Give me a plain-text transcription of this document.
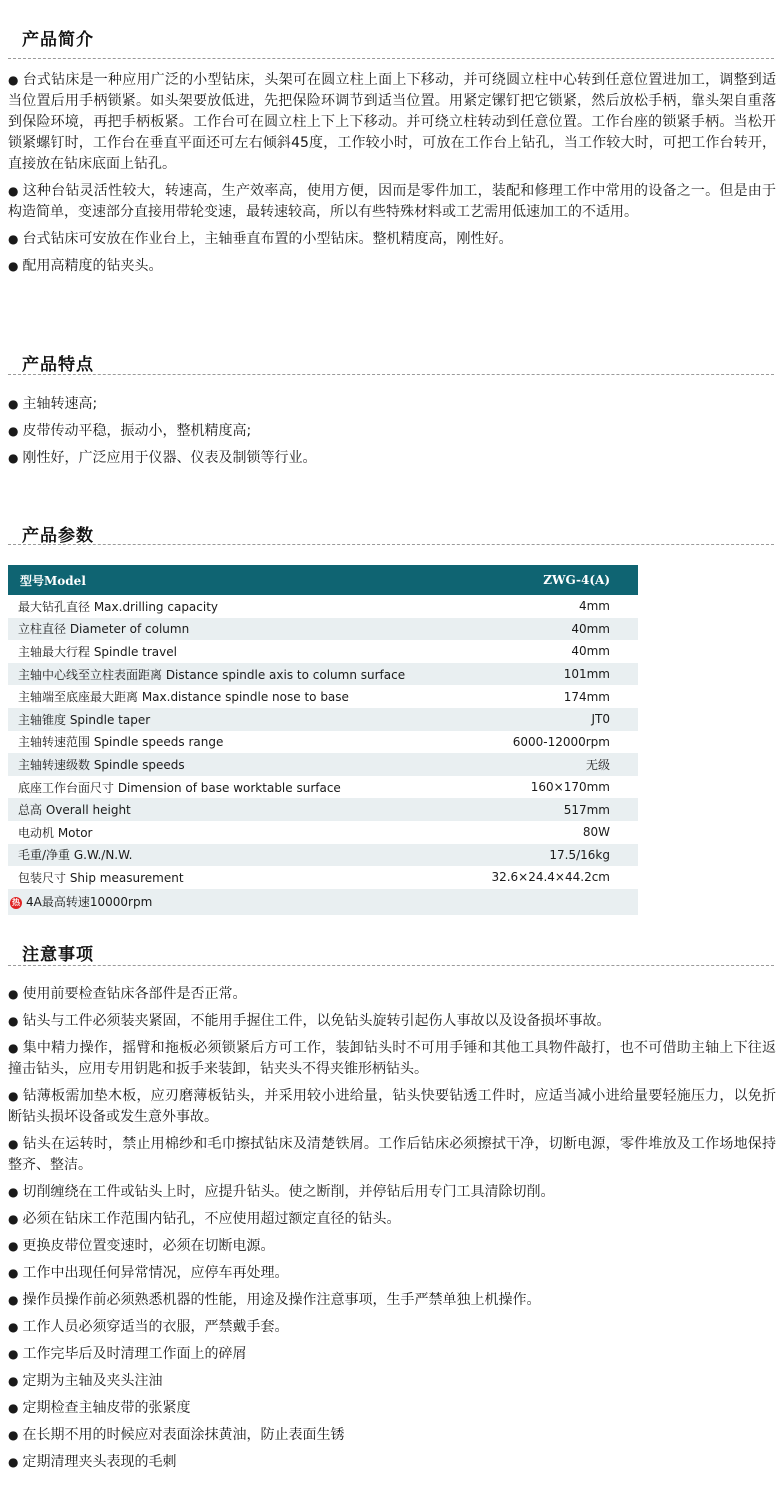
产品简介
● 台式钻床是一种应用广泛的小型钻床，头架可在圆立柱上面上下移动，并可绕圆立柱中心转到任意位置进加工，调整到适当位置后用手柄锁紧。如头架要放低进，先把保险环调节到适当位置。用紧定镙钉把它锁紧，然后放松手柄，靠头架自重落到保险环境，再把手柄板紧。工作台可在圆立柱上下上下移动。并可绕立柱转动到任意位置。工作台座的锁紧手柄。当松开锁紧螺钉时，工作台在垂直平面还可左右倾斜45度，工作较小时，可放在工作台上钻孔，当工作较大时，可把工作台转开，直接放在钻床底面上钻孔。
● 这种台钻灵活性较大，转速高，生产效率高，使用方便，因而是零件加工，装配和修理工作中常用的设备之一。但是由于构造简单，变速部分直接用带轮变速，最转速较高，所以有些特殊材料或工艺需用低速加工的不适用。
● 台式钻床可安放在作业台上，主轴垂直布置的小型钻床。整机精度高，刚性好。
● 配用高精度的钻夹头。
产品特点
● 主轴转速高;
● 皮带传动平稳，振动小，整机精度高;
● 刚性好，广泛应用于仪器、仪表及制锁等行业。
产品参数
型号Model	ZWG-4(A)
最大钻孔直径 Max.drilling capacity	4mm
立柱直径 Diameter of column	40mm
主轴最大行程 Spindle travel	40mm
主轴中心线至立柱表面距离 Distance spindle axis to column surface	101mm
主轴端至底座最大距离 Max.distance spindle nose to base	174mm
主轴锥度 Spindle taper	JT0
主轴转速范围 Spindle speeds range	6000-12000rpm
主轴转速级数 Spindle speeds	无级
底座工作台面尺寸 Dimension of base worktable surface	160×170mm
总高 Overall height	517mm
电动机 Motor	80W
毛重/净重 G.W./N.W.	17.5/16kg
包装尺寸 Ship measurement	32.6×24.4×44.2cm
热 4A最高转速10000rpm	
注意事项
● 使用前要检查钻床各部件是否正常。
● 钻头与工件必须装夹紧固，不能用手握住工件，以免钻头旋转引起伤人事故以及设备损坏事故。
● 集中精力操作，摇臂和拖板必须锁紧后方可工作，装卸钻头时不可用手锤和其他工具物件敲打，也不可借助主轴上下往返撞击钻头，应用专用钥匙和扳手来装卸，钻夹头不得夹锥形柄钻头。
● 钻薄板需加垫木板，应刃磨薄板钻头，并采用较小进给量，钻头快要钻透工件时，应适当减小进给量要轻施压力，以免折断钻头损坏设备或发生意外事故。
● 钻头在运转时，禁止用棉纱和毛巾擦拭钻床及清楚铁屑。工作后钻床必须擦拭干净，切断电源，零件堆放及工作场地保持整齐、整洁。
● 切削缠绕在工件或钻头上时，应提升钻头。使之断削，并停钻后用专门工具清除切削。
● 必须在钻床工作范围内钻孔，不应使用超过额定直径的钻头。
● 更换皮带位置变速时，必须在切断电源。
● 工作中出现任何异常情况，应停车再处理。
● 操作员操作前必须熟悉机器的性能，用途及操作注意事项，生手严禁单独上机操作。
● 工作人员必须穿适当的衣服，严禁戴手套。
● 工作完毕后及时清理工作面上的碎屑
● 定期为主轴及夹头注油
● 定期检查主轴皮带的张紧度
● 在长期不用的时候应对表面涂抹黄油，防止表面生锈
● 定期清理夹头表现的毛刺
